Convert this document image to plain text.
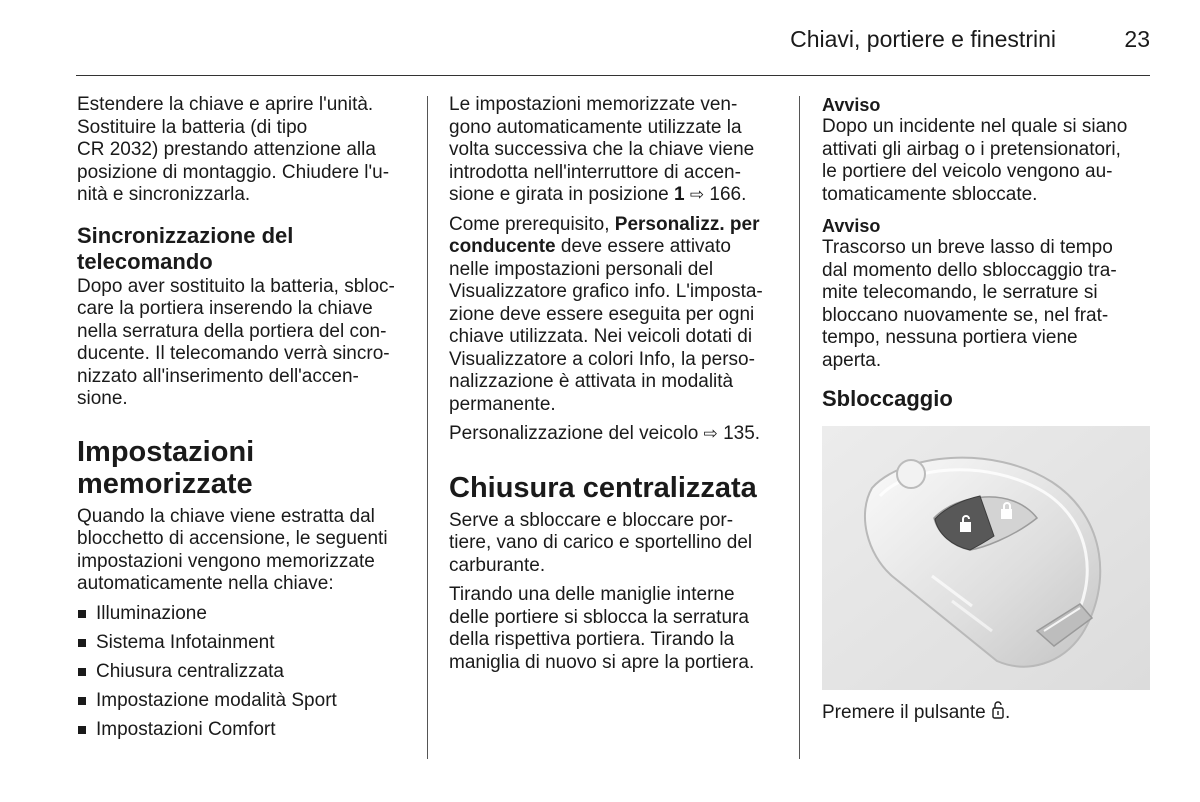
Chiavi, portiere e finestrini	23

Estendere la chiave e aprire l'unità.
Sostituire la batteria (di tipo
CR 2032) prestando attenzione alla
posizione di montaggio. Chiudere l'u-
nità e sincronizzarla.

Sincronizzazione del
telecomando

Dopo aver sostituito la batteria, sbloc-
care la portiera inserendo la chiave
nella serratura della portiera del con-
ducente. Il telecomando verrà sincro-
nizzato all'inserimento dell'accen-
sione.

Impostazioni memorizzate

Quando la chiave viene estratta dal
blocchetto di accensione, le seguenti
impostazioni vengono memorizzate
automaticamente nella chiave:

Illuminazione
Sistema Infotainment
Chiusura centralizzata
Impostazione modalità Sport
Impostazioni Comfort

Le impostazioni memorizzate ven-
gono automaticamente utilizzate la
volta successiva che la chiave viene
introdotta nell'interruttore di accen-
sione e girata in posizione 1 ⇨ 166.

Come prerequisito, Personalizz. per
conducente deve essere attivato
nelle impostazioni personali del
Visualizzatore grafico info. L'imposta-
zione deve essere eseguita per ogni
chiave utilizzata. Nei veicoli dotati di
Visualizzatore a colori Info, la perso-
nalizzazione è attivata in modalità
permanente.

Personalizzazione del veicolo ⇨ 135.

Chiusura centralizzata

Serve a sbloccare e bloccare por-
tiere, vano di carico e sportellino del
carburante.

Tirando una delle maniglie interne
delle portiere si sblocca la serratura
della rispettiva portiera. Tirando la
maniglia di nuovo si apre la portiera.

Avviso

Dopo un incidente nel quale si siano
attivati gli airbag o i pretensionatori,
le portiere del veicolo vengono au-
tomaticamente sbloccate.

Avviso

Trascorso un breve lasso di tempo
dal momento dello sbloccaggio tra-
mite telecomando, le serrature si
bloccano nuovamente se, nel frat-
tempo, nessuna portiera viene
aperta.

Sbloccaggio

Premere il pulsante .
